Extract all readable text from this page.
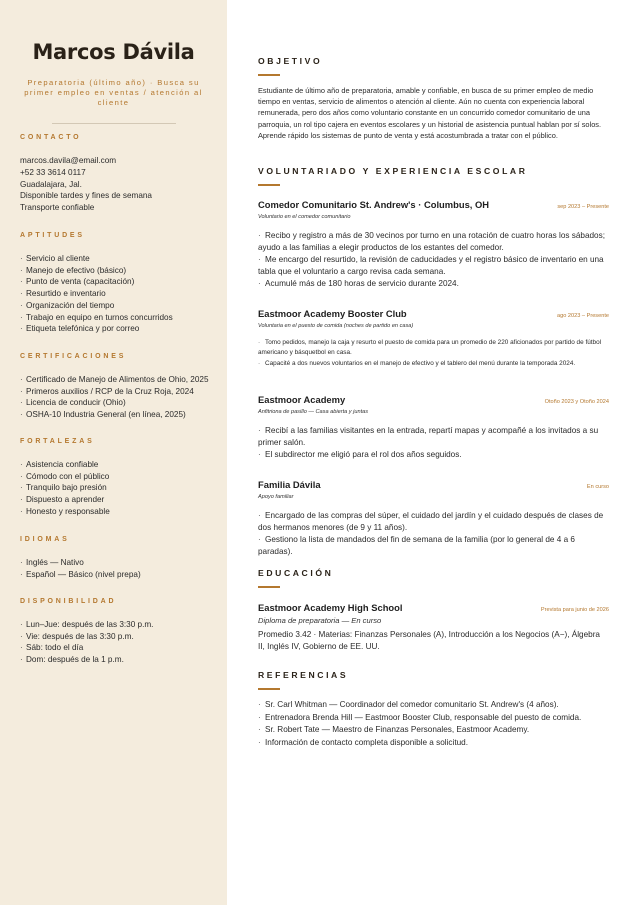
Marcos Dávila

Preparatoria (último año) · Busca su primer empleo en ventas / atención al cliente

CONTACTO
marcos.davila@email.com
+52 33 3614 0117
Guadalajara, Jal.
Disponible tardes y fines de semana
Transporte confiable
APTITUDES
· Servicio al cliente
· Manejo de efectivo (básico)
· Punto de venta (capacitación)
· Resurtido e inventario
· Organización del tiempo
· Trabajo en equipo en turnos concurridos
· Etiqueta telefónica y por correo
CERTIFICACIONES
· Certificado de Manejo de Alimentos de Ohio, 2025
· Primeros auxilios / RCP de la Cruz Roja, 2024
· Licencia de conducir (Ohio)
· OSHA-10 Industria General (en línea, 2025)
FORTALEZAS
· Asistencia confiable
· Cómodo con el público
· Tranquilo bajo presión
· Dispuesto a aprender
· Honesto y responsable
IDIOMAS
· Inglés — Nativo
· Español — Básico (nivel prepa)
DISPONIBILIDAD
· Lun–Jue: después de las 3:30 p.m.
· Vie: después de las 3:30 p.m.
· Sáb: todo el día
· Dom: después de la 1 p.m.
OBJETIVO

Estudiante de último año de preparatoria, amable y confiable, en busca de su primer empleo de medio tiempo en ventas, servicio de alimentos o atención al cliente. Aún no cuenta con experiencia laboral remunerada, pero dos años como voluntario constante en un concurrido comedor comunitario de una parroquia, un rol tipo cajera en eventos escolares y un historial de asistencia puntual hablan por sí solos. Aprende rápido los sistemas de punto de venta y está acostumbrada a tratar con el público.

VOLUNTARIADO Y EXPERIENCIA ESCOLAR
Comedor Comunitario St. Andrew's · Columbus, OH	sep 2023 – Presente
Voluntario en el comedor comunitario
· Recibo y registro a más de 30 vecinos por turno en una rotación de cuatro horas los sábados; ayudo a las familias a elegir productos de los estantes del comedor.
· Me encargo del resurtido, la revisión de caducidades y el registro básico de inventario en una tabla que el voluntario a cargo revisa cada semana.
· Acumulé más de 180 horas de servicio durante 2024.
Eastmoor Academy Booster Club	ago 2023 – Presente
Voluntaria en el puesto de comida (noches de partido en casa)
· Tomo pedidos, manejo la caja y resurto el puesto de comida para un promedio de 220 aficionados por partido de fútbol americano y básquetbol en casa.
· Capacité a dos nuevos voluntarios en el manejo de efectivo y el tablero del menú durante la temporada 2024.
Eastmoor Academy	Otoño 2023 y Otoño 2024
Anfitriona de pasillo — Casa abierta y juntas
· Recibí a las familias visitantes en la entrada, repartí mapas y acompañé a los invitados a su primer salón.
· El subdirector me eligió para el rol dos años seguidos.
Familia Dávila	En curso
Apoyo familiar
· Encargado de las compras del súper, el cuidado del jardín y el cuidado después de clases de dos hermanos menores (de 9 y 11 años).
· Gestiono la lista de mandados del fin de semana de la familia (por lo general de 4 a 6 paradas).
EDUCACIÓN
Eastmoor Academy High School	Prevista para junio de 2026
Diploma de preparatoria — En curso
Promedio 3.42 · Materias: Finanzas Personales (A), Introducción a los Negocios (A−), Álgebra II, Inglés IV, Gobierno de EE. UU.
REFERENCIAS
· Sr. Carl Whitman — Coordinador del comedor comunitario St. Andrew's (4 años).
· Entrenadora Brenda Hill — Eastmoor Booster Club, responsable del puesto de comida.
· Sr. Robert Tate — Maestro de Finanzas Personales, Eastmoor Academy.
· Información de contacto completa disponible a solicitud.
